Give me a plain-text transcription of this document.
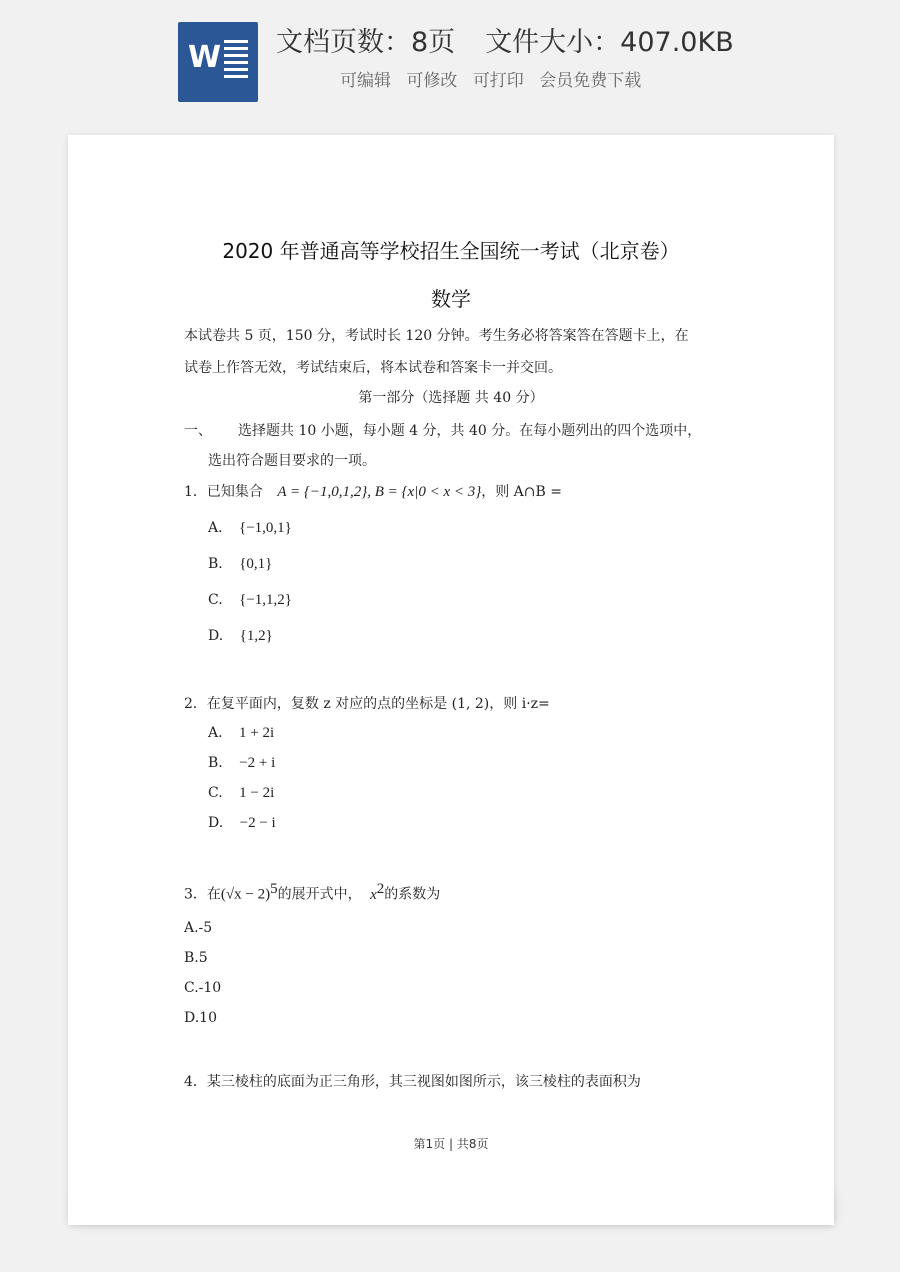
W 文档页数：8页 文件大小：407.0KB
可编辑 可修改 可打印 会员免费下载
2020 年普通高等学校招生全国统一考试（北京卷）
数学
本试卷共 5 页，150 分，考试时长 120 分钟。考生务必将答案答在答题卡上，在
试卷上作答无效，考试结束后，将本试卷和答案卡一并交回。
第一部分（选择题 共 40 分）
一、 选择题共 10 小题，每小题 4 分，共 40 分。在每小题列出的四个选项中，
选出符合题目要求的一项。
1．已知集合 A = {−1,0,1,2}, B = {x|0 < x < 3}，则 A∩B =
A. {−1,0,1}
B. {0,1}
C. {−1,1,2}
D. {1,2}
2．在复平面内，复数 z 对应的点的坐标是 (1, 2)，则 i·z=
A. 1 + 2i
B. −2 + i
C. 1 − 2i
D. −2 − i
3．在$(√x - 2)^5$的展开式中， $x^2$的系数为
A.-5
B.5
C.-10
D.10
4．某三棱柱的底面为正三角形，其三视图如图所示，该三棱柱的表面积为
第1页 | 共8页
